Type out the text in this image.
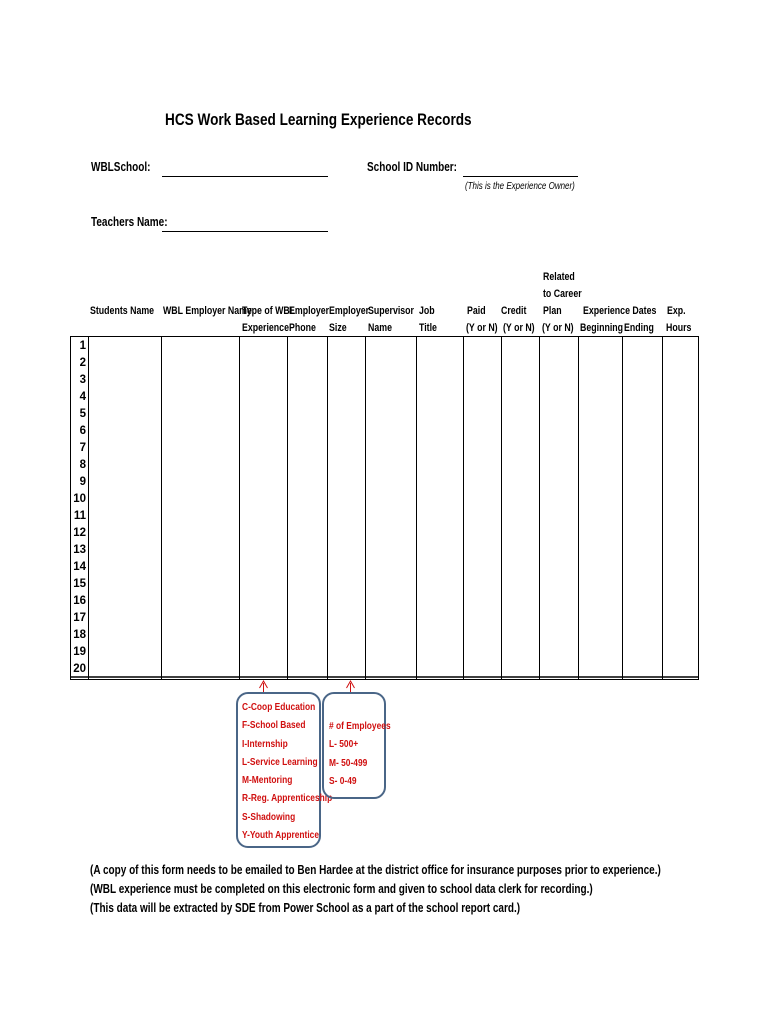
HCS Work Based Learning Experience Records
WBLSchool:	School ID Number:
(This is the Experience Owner)
Teachers Name:
Students Name WBL Employer Name
Type of WBL
Experience
Employer
Phone
Employer
Size
Supervisor
Name
Job
Title
Paid
(Y or N)
Credit
(Y or N)
Related
to Career
Plan
(Y or N)
Experience Dates
Beginning Ending
Exp.
Hours
1
2
3
4
5
6
7
8
9
10
11
12
13
14
15
16
17
18
19
20
C-Coop Education
F-School Based
I-Internship
L-Service Learning
M-Mentoring
R-Reg. Apprenticeship
S-Shadowing
Y-Youth Apprentice
# of Employees
L- 500+
M- 50-499
S- 0-49
(A copy of this form needs to be emailed to Ben Hardee at the district office for insurance purposes prior to experience.)
(WBL experience must be completed on this electronic form and given to school data clerk for recording.)
(This data will be extracted by SDE from Power School as a part of the school report card.)
